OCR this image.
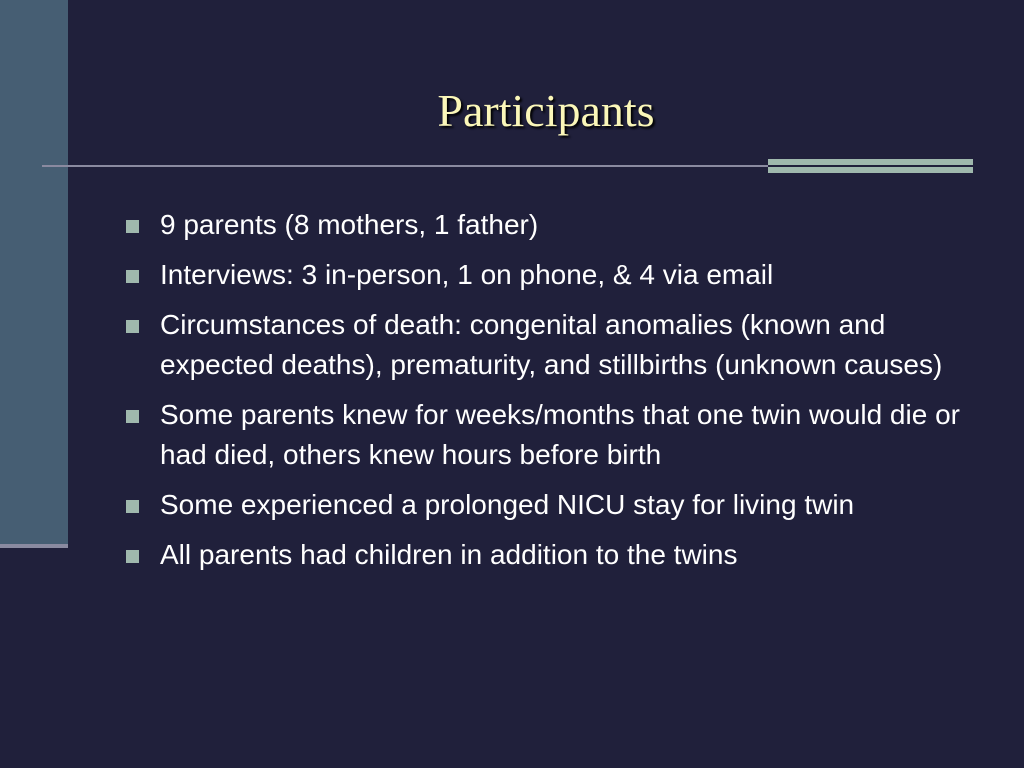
Participants
9 parents (8 mothers, 1 father)
Interviews: 3 in-person, 1 on phone, & 4 via email
Circumstances of death: congenital anomalies (known and expected deaths), prematurity, and stillbirths (unknown causes)
Some parents knew for weeks/months that one twin would die or had died, others knew hours before birth
Some experienced a prolonged NICU stay for living twin
All parents had children in addition to the twins
